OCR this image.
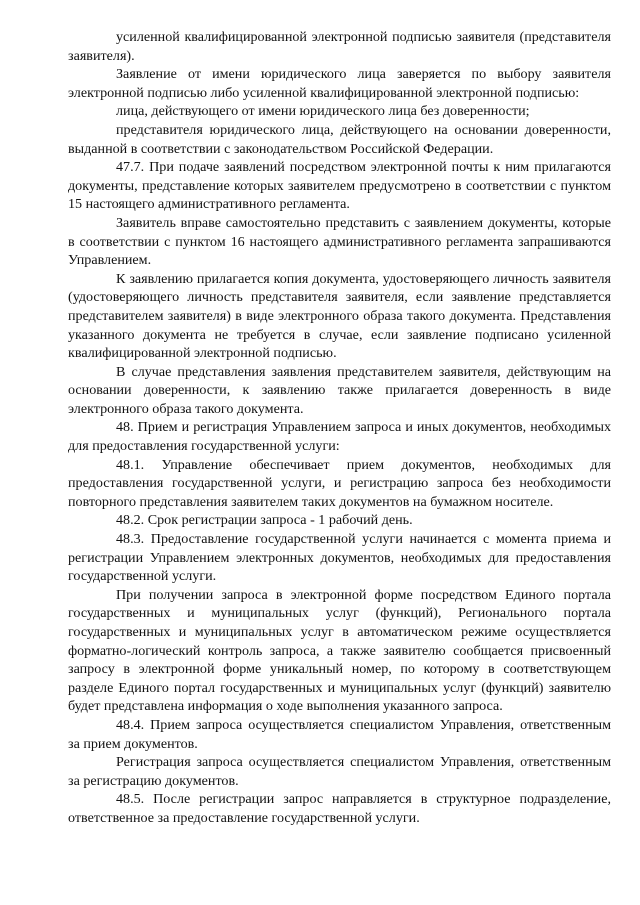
усиленной квалифицированной электронной подписью заявителя (представителя заявителя).

Заявление от имени юридического лица заверяется по выбору заявителя электронной подписью либо усиленной квалифицированной электронной подписью:

лица, действующего от имени юридического лица без доверенности;

представителя юридического лица, действующего на основании доверенности, выданной в соответствии с законодательством Российской Федерации.

47.7. При подаче заявлений посредством электронной почты к ним прилагаются документы, представление которых заявителем предусмотрено в соответствии с пунктом 15 настоящего административного регламента.

Заявитель вправе самостоятельно представить с заявлением документы, которые в соответствии с пунктом 16 настоящего административного регламента запрашиваются Управлением.

К заявлению прилагается копия документа, удостоверяющего личность заявителя (удостоверяющего личность представителя заявителя, если заявление представляется представителем заявителя) в виде электронного образа такого документа. Представления указанного документа не требуется в случае, если заявление подписано усиленной квалифицированной электронной подписью.

В случае представления заявления представителем заявителя, действующим на основании доверенности, к заявлению также прилагается доверенность в виде электронного образа такого документа.

48. Прием и регистрация Управлением запроса и иных документов, необходимых для предоставления государственной услуги:

48.1. Управление обеспечивает прием документов, необходимых для предоставления государственной услуги, и регистрацию запроса без необходимости повторного представления заявителем таких документов на бумажном носителе.

48.2. Срок регистрации запроса - 1 рабочий день.

48.3. Предоставление государственной услуги начинается с момента приема и регистрации Управлением электронных документов, необходимых для предоставления государственной услуги.

При получении запроса в электронной форме посредством Единого портала государственных и муниципальных услуг (функций), Регионального портала государственных и муниципальных услуг в автоматическом режиме осуществляется форматно-логический контроль запроса, а также заявителю сообщается присвоенный запросу в электронной форме уникальный номер, по которому в соответствующем разделе Единого портал государственных и муниципальных услуг (функций) заявителю будет представлена информация о ходе выполнения указанного запроса.

48.4. Прием запроса осуществляется специалистом Управления, ответственным за прием документов.

Регистрация запроса осуществляется специалистом Управления, ответственным за регистрацию документов.

48.5. После регистрации запрос направляется в структурное подразделение, ответственное за предоставление государственной услуги.
